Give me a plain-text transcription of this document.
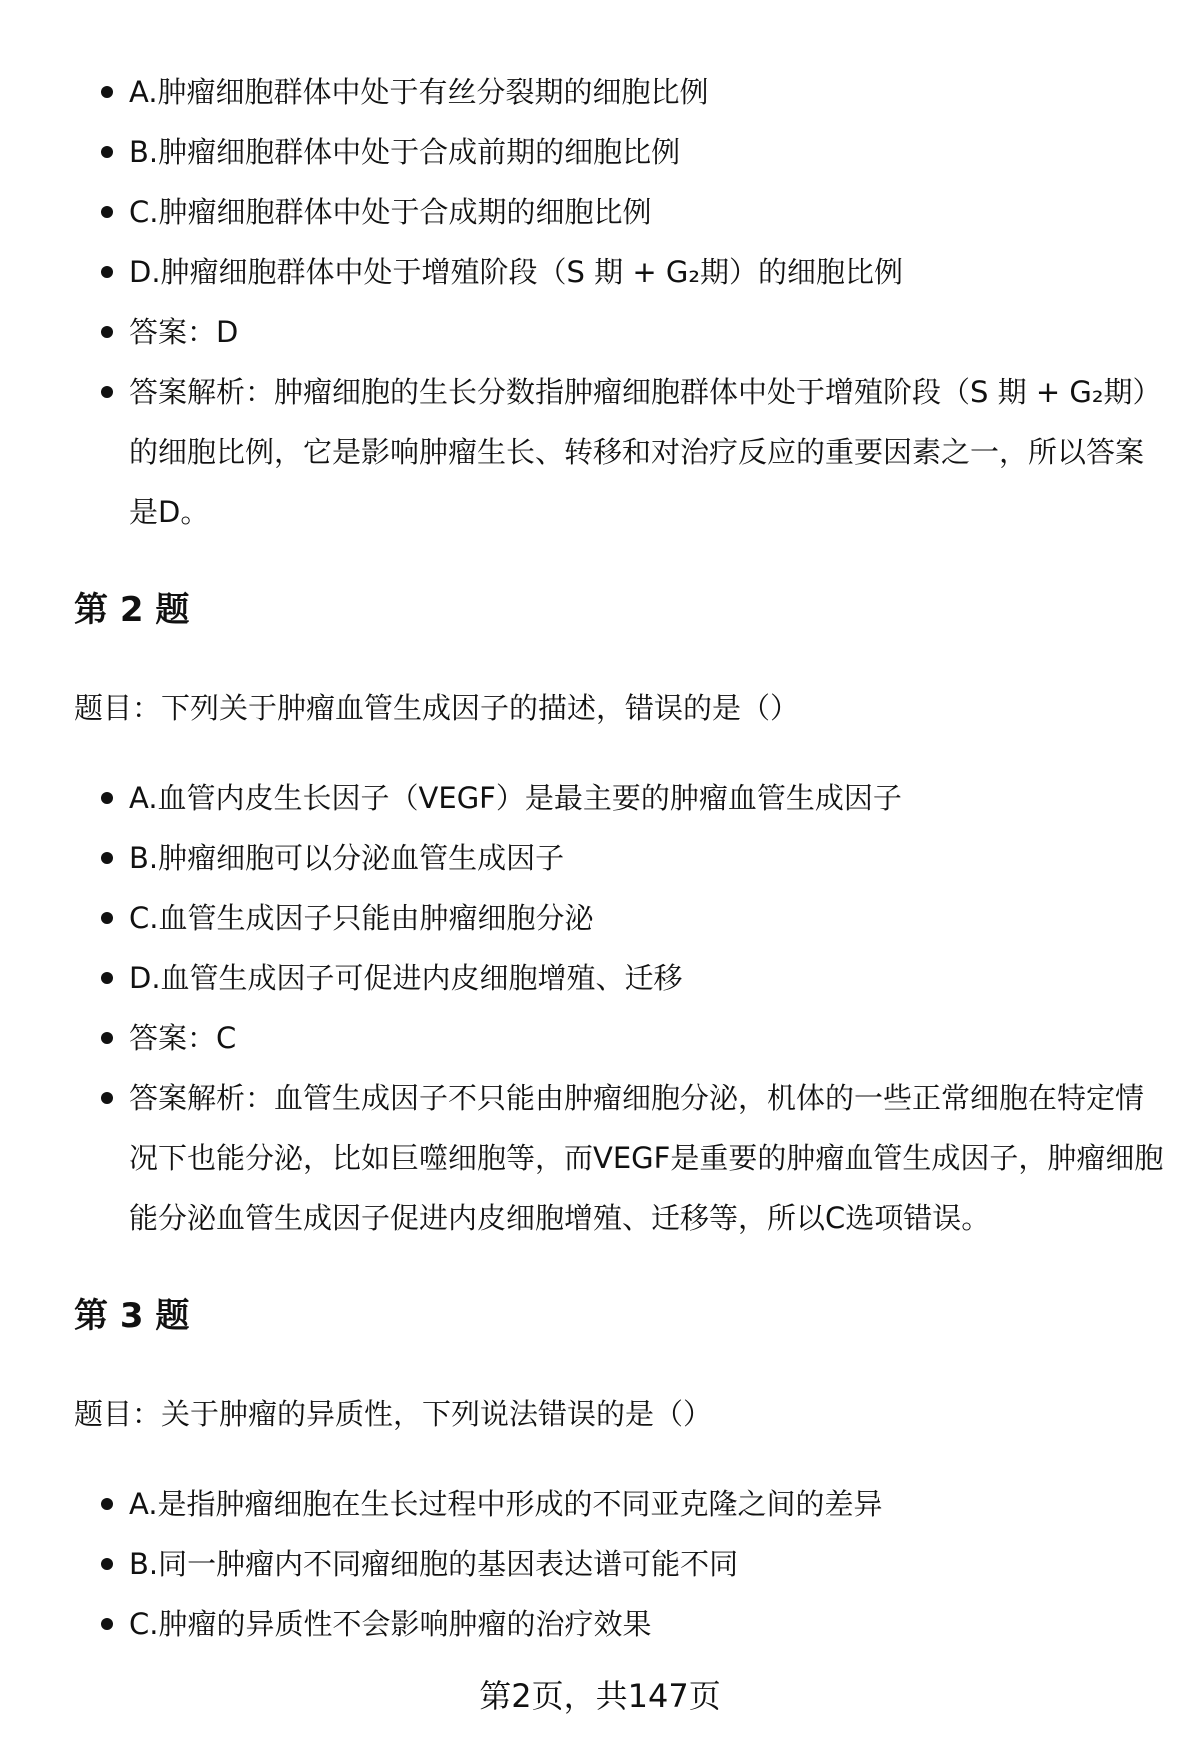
A.肿瘤细胞群体中处于有丝分裂期的细胞比例
B.肿瘤细胞群体中处于合成前期的细胞比例
C.肿瘤细胞群体中处于合成期的细胞比例
D.肿瘤细胞群体中处于增殖阶段（S 期 + G₂期）的细胞比例
答案：D
答案解析：肿瘤细胞的生长分数指肿瘤细胞群体中处于增殖阶段（S 期 + G₂期）的细胞比例，它是影响肿瘤生长、转移和对治疗反应的重要因素之一，所以答案是D。
第 2 题

题目：下列关于肿瘤血管生成因子的描述，错误的是（）

A.血管内皮生长因子（VEGF）是最主要的肿瘤血管生成因子
B.肿瘤细胞可以分泌血管生成因子
C.血管生成因子只能由肿瘤细胞分泌
D.血管生成因子可促进内皮细胞增殖、迁移
答案：C
答案解析：血管生成因子不只能由肿瘤细胞分泌，机体的一些正常细胞在特定情况下也能分泌，比如巨噬细胞等，而VEGF是重要的肿瘤血管生成因子，肿瘤细胞能分泌血管生成因子促进内皮细胞增殖、迁移等，所以C选项错误。
第 3 题

题目：关于肿瘤的异质性，下列说法错误的是（）

A.是指肿瘤细胞在生长过程中形成的不同亚克隆之间的差异
B.同一肿瘤内不同瘤细胞的基因表达谱可能不同
C.肿瘤的异质性不会影响肿瘤的治疗效果
第2页，共147页
